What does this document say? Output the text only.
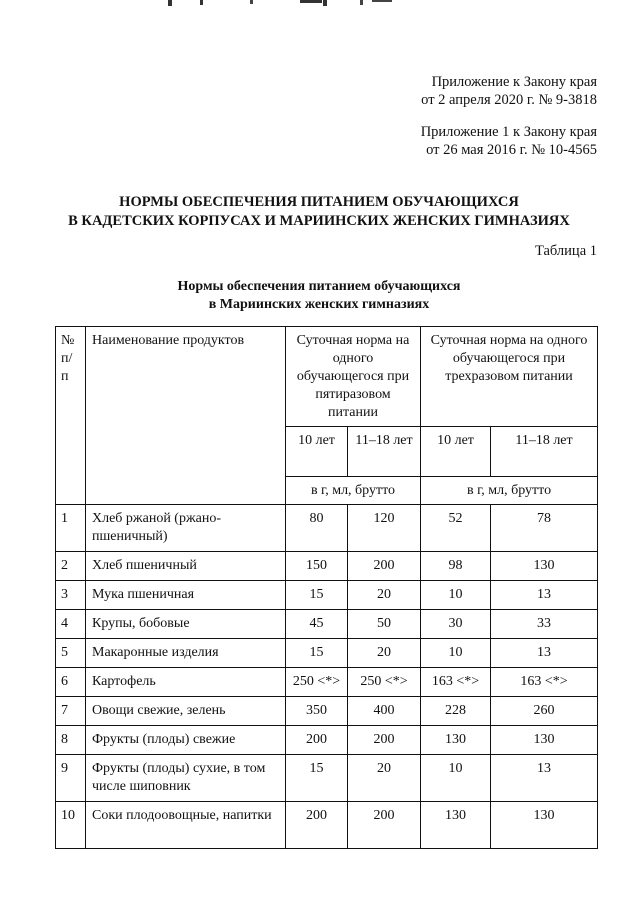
Приложение к Закону края
от 2 апреля 2020 г. № 9-3818
Приложение 1 к Закону края
от 26 мая 2016 г. № 10-4565
НОРМЫ ОБЕСПЕЧЕНИЯ ПИТАНИЕМ ОБУЧАЮЩИХСЯ
В КАДЕТСКИХ КОРПУСАХ И МАРИИНСКИХ ЖЕНСКИХ ГИМНАЗИЯХ
Таблица 1
Нормы обеспечения питанием обучающихся
в Мариинских женских гимназиях
№ п/п	Наименование продуктов	Суточная норма на одного обучающегося при пятиразовом питании		Суточная норма на одного обучающегося при трехразовом питании	
		10 лет	11–18 лет	10 лет	11–18 лет
		в г, мл, брутто		в г, мл, брутто	
1	Хлеб ржаной (ржано-пшеничный)	80	120	52	78
2	Хлеб пшеничный	150	200	98	130
3	Мука пшеничная	15	20	10	13
4	Крупы, бобовые	45	50	30	33
5	Макаронные изделия	15	20	10	13
6	Картофель	250 <*>	250 <*>	163 <*>	163 <*>
7	Овощи свежие, зелень	350	400	228	260
8	Фрукты (плоды) свежие	200	200	130	130
9	Фрукты (плоды) сухие, в том числе шиповник	15	20	10	13
10	Соки плодоовощные, напитки	200	200	130	130
